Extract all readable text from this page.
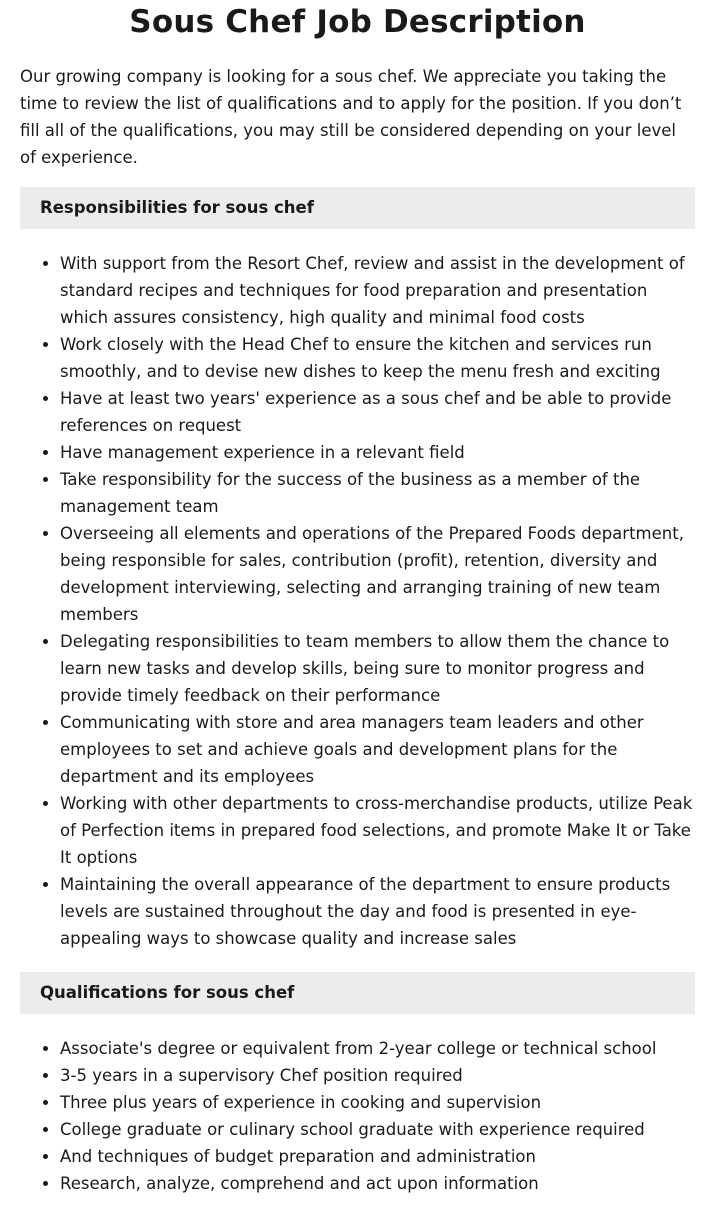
Sous Chef Job Description

Our growing company is looking for a sous chef. We appreciate you taking the time to review the list of qualifications and to apply for the position. If you don’t fill all of the qualifications, you may still be considered depending on your level of experience.

Responsibilities for sous chef
• With support from the Resort Chef, review and assist in the development of standard recipes and techniques for food preparation and presentation which assures consistency, high quality and minimal food costs
• Work closely with the Head Chef to ensure the kitchen and services run smoothly, and to devise new dishes to keep the menu fresh and exciting
• Have at least two years' experience as a sous chef and be able to provide references on request
• Have management experience in a relevant field
• Take responsibility for the success of the business as a member of the management team
• Overseeing all elements and operations of the Prepared Foods department, being responsible for sales, contribution (profit), retention, diversity and development interviewing, selecting and arranging training of new team members
• Delegating responsibilities to team members to allow them the chance to learn new tasks and develop skills, being sure to monitor progress and provide timely feedback on their performance
• Communicating with store and area managers team leaders and other employees to set and achieve goals and development plans for the department and its employees
• Working with other departments to cross-merchandise products, utilize Peak of Perfection items in prepared food selections, and promote Make It or Take It options
• Maintaining the overall appearance of the department to ensure products levels are sustained throughout the day and food is presented in eye-appealing ways to showcase quality and increase sales
Qualifications for sous chef
• Associate's degree or equivalent from 2-year college or technical school
• 3-5 years in a supervisory Chef position required
• Three plus years of experience in cooking and supervision
• College graduate or culinary school graduate with experience required
• And techniques of budget preparation and administration
• Research, analyze, comprehend and act upon information
